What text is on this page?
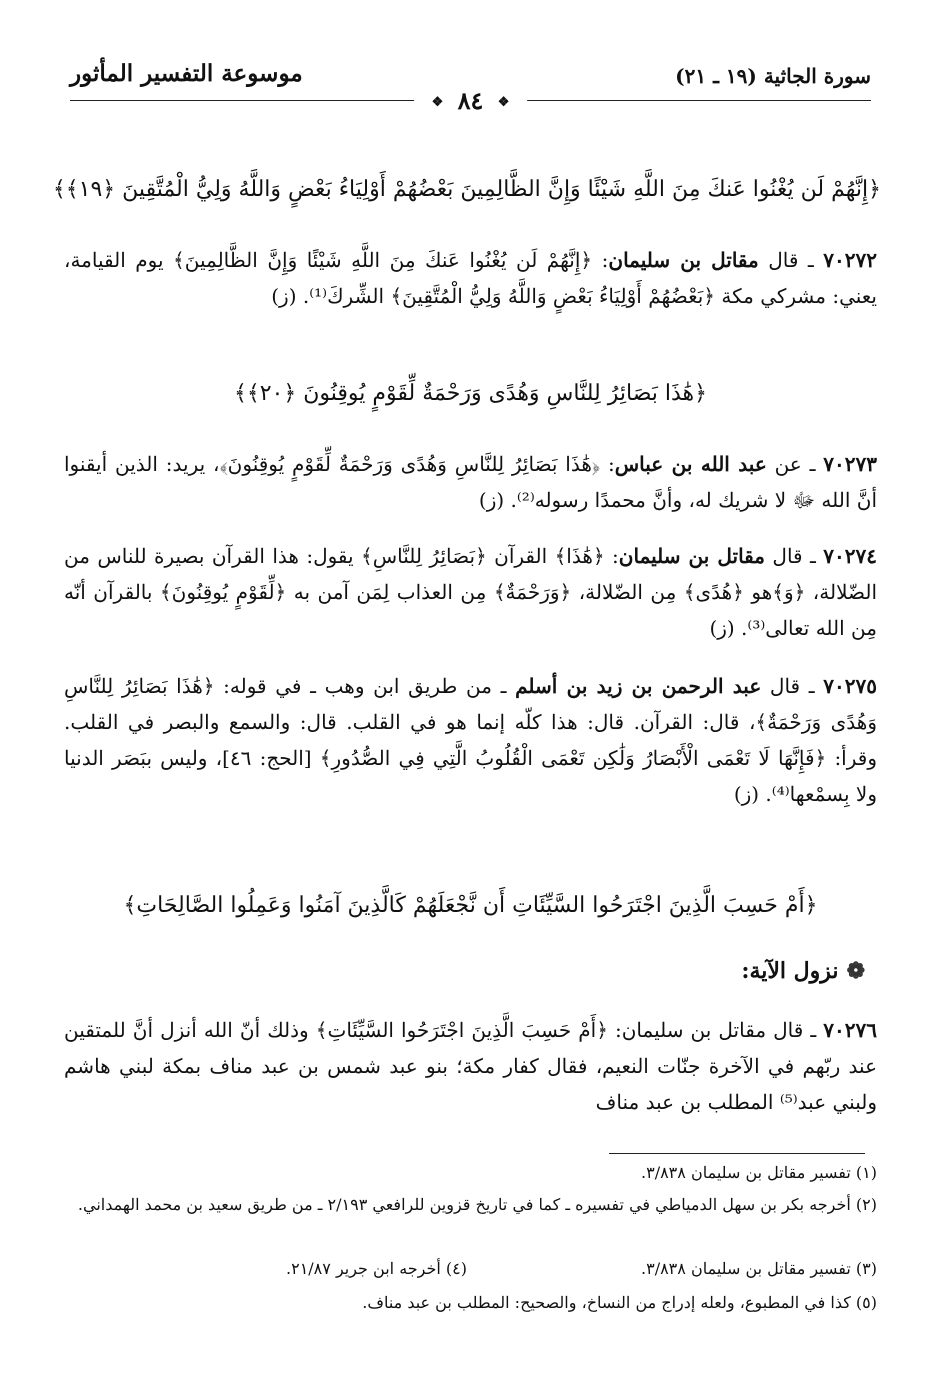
سورة الجاثية (١٩ ـ ٢١)
موسوعة التفسير المأثور
❖ ٨٤ ❖
﴿إِنَّهُمْ لَن يُغْنُوا عَنكَ مِنَ اللَّهِ شَيْئًا وَإِنَّ الظَّالِمِينَ بَعْضُهُمْ أَوْلِيَاءُ بَعْضٍ وَاللَّهُ وَلِيُّ الْمُتَّقِينَ ﴿١٩﴾﴾
٧٠٢٧٢ ـ قال مقاتل بن سليمان: ﴿إِنَّهُمْ لَن يُغْنُوا عَنكَ مِنَ اللَّهِ شَيْئًا وَإِنَّ الظَّالِمِينَ﴾ يوم القيامة، يعني: مشركي مكة ﴿بَعْضُهُمْ أَوْلِيَاءُ بَعْضٍ وَاللَّهُ وَلِيُّ الْمُتَّقِينَ﴾ الشِّركَ⁽¹⁾. (ز)
﴿هَٰذَا بَصَائِرُ لِلنَّاسِ وَهُدًى وَرَحْمَةٌ لِّقَوْمٍ يُوقِنُونَ ﴿٢٠﴾﴾
٧٠٢٧٣ ـ عن عبد الله بن عباس: ﴿هَٰذَا بَصَائِرُ لِلنَّاسِ وَهُدًى وَرَحْمَةٌ لِّقَوْمٍ يُوقِنُونَ﴾، يريد: الذين أيقنوا أنَّ الله ﷻ لا شريك له، وأنَّ محمدًا رسوله⁽²⁾. (ز)
٧٠٢٧٤ ـ قال مقاتل بن سليمان: ﴿هَٰذَا﴾ القرآن ﴿بَصَائِرُ لِلنَّاسِ﴾ يقول: هذا القرآن بصيرة للناس من الضّلالة، ﴿وَ﴾هو ﴿هُدًى﴾ مِن الضّلالة، ﴿وَرَحْمَةٌ﴾ مِن العذاب لِمَن آمن به ﴿لِّقَوْمٍ يُوقِنُونَ﴾ بالقرآن أنّه مِن الله تعالى⁽³⁾. (ز)
٧٠٢٧٥ ـ قال عبد الرحمن بن زيد بن أسلم ـ من طريق ابن وهب ـ في قوله: ﴿هَٰذَا بَصَائِرُ لِلنَّاسِ وَهُدًى وَرَحْمَةٌ﴾، قال: القرآن. قال: هذا كلّه إنما هو في القلب. قال: والسمع والبصر في القلب. وقرأ: ﴿فَإِنَّهَا لَا تَعْمَى الْأَبْصَارُ وَلَٰكِن تَعْمَى الْقُلُوبُ الَّتِي فِي الصُّدُورِ﴾ [الحج: ٤٦]، وليس ببَصَر الدنيا ولا بِسمْعها⁽⁴⁾. (ز)
﴿أَمْ حَسِبَ الَّذِينَ اجْتَرَحُوا السَّيِّئَاتِ أَن نَّجْعَلَهُمْ كَالَّذِينَ آمَنُوا وَعَمِلُوا الصَّالِحَاتِ﴾
❁نزول الآية:
٧٠٢٧٦ ـ قال مقاتل بن سليمان: ﴿أَمْ حَسِبَ الَّذِينَ اجْتَرَحُوا السَّيِّئَاتِ﴾ وذلك أنّ الله أنزل أنَّ للمتقين عند ربّهم في الآخرة جنّات النعيم، فقال كفار مكة؛ بنو عبد شمس بن عبد مناف بمكة لبني هاشم ولبني عبد⁽⁵⁾ المطلب بن عبد مناف
(١) تفسير مقاتل بن سليمان ٣/٨٣٨.
(٢) أخرجه بكر بن سهل الدمياطي في تفسيره ـ كما في تاريخ قزوين للرافعي ٢/١٩٣ ـ من طريق سعيد بن محمد الهمداني.
(٣) تفسير مقاتل بن سليمان ٣/٨٣٨.
(٤) أخرجه ابن جرير ٢١/٨٧.
(٥) كذا في المطبوع، ولعله إدراج من النساخ، والصحيح: المطلب بن عبد مناف.
